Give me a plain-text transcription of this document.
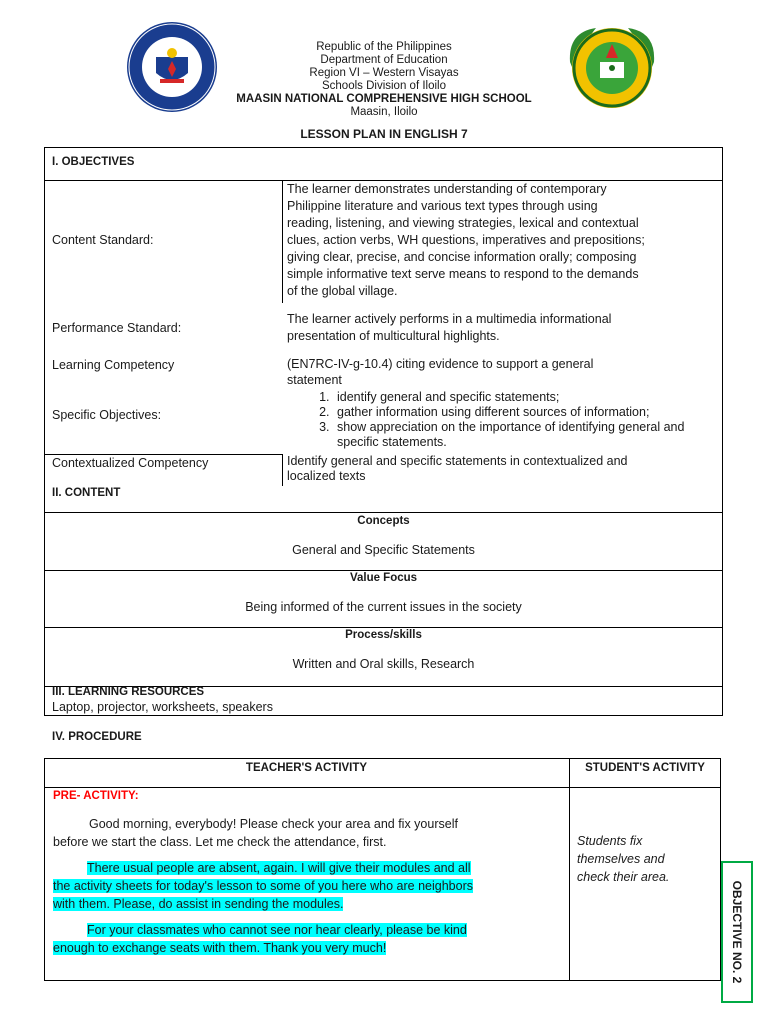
Republic of the Philippines
Department of Education
Region VI – Western Visayas
Schools Division of Iloilo
MAASIN NATIONAL COMPREHENSIVE HIGH SCHOOL
Maasin, Iloilo
LESSON PLAN IN ENGLISH 7
I. OBJECTIVES
Content Standard:
The learner demonstrates understanding of contemporary
Philippine literature and various text types through using
reading, listening, and viewing strategies, lexical and contextual
clues, action verbs, WH questions, imperatives and prepositions;
giving clear, precise, and concise information orally; composing
simple informative text serve means to respond to the demands
of the global village.
Performance Standard:
The learner actively performs in a multimedia informational
presentation of multicultural highlights.
Learning Competency	(EN7RC-IV-g-10.4) citing evidence to support a general
statement
Specific Objectives:
1. identify general and specific statements;
2. gather information using different sources of information;
3. show appreciation on the importance of identifying general and specific statements.
Contextualized Competency	Identify general and specific statements in contextualized and
localized texts
II. CONTENT
Concepts
General and Specific Statements
Value Focus
Being informed of the current issues in the society
Process/skills
Written and Oral skills, Research
III. LEARNING RESOURCES
Laptop, projector, worksheets, speakers
IV. PROCEDURE
TEACHER'S ACTIVITY	STUDENT'S ACTIVITY
PRE- ACTIVITY:
Good morning, everybody! Please check your area and fix yourself
before we start the class. Let me check the attendance, first.
There usual people are absent, again. I will give their modules and all
the activity sheets for today's lesson to some of you here who are neighbors
with them. Please, do assist in sending the modules.
For your classmates who cannot see nor hear clearly, please be kind
enough to exchange seats with them. Thank you very much!
Students fix
themselves and
check their area.
OBJECTIVE NO. 2
